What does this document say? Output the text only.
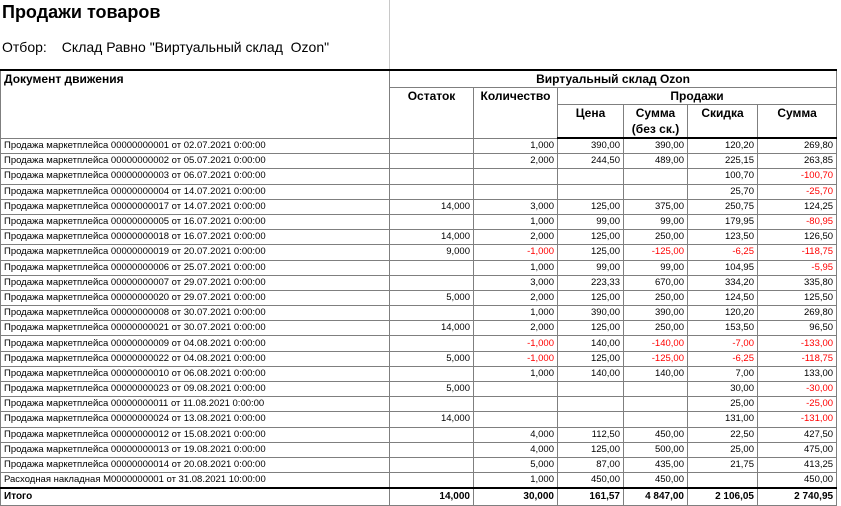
Продажи товаров
Отбор: Склад Равно "Виртуальный склад  Ozon"
Документ движения	Виртуальный склад Ozon					
	Остаток	Количество	Продажи			
			Цена	Сумма (без ск.)	Скидка	Сумма
Продажа маркетплейса 00000000001 от 02.07.2021 0:00:00		1,000	390,00	390,00	120,20	269,80
Продажа маркетплейса 00000000002 от 05.07.2021 0:00:00		2,000	244,50	489,00	225,15	263,85
Продажа маркетплейса 00000000003 от 06.07.2021 0:00:00					100,70	-100,70
Продажа маркетплейса 00000000004 от 14.07.2021 0:00:00					25,70	-25,70
Продажа маркетплейса 00000000017 от 14.07.2021 0:00:00	14,000	3,000	125,00	375,00	250,75	124,25
Продажа маркетплейса 00000000005 от 16.07.2021 0:00:00		1,000	99,00	99,00	179,95	-80,95
Продажа маркетплейса 00000000018 от 16.07.2021 0:00:00	14,000	2,000	125,00	250,00	123,50	126,50
Продажа маркетплейса 00000000019 от 20.07.2021 0:00:00	9,000	-1,000	125,00	-125,00	-6,25	-118,75
Продажа маркетплейса 00000000006 от 25.07.2021 0:00:00		1,000	99,00	99,00	104,95	-5,95
Продажа маркетплейса 00000000007 от 29.07.2021 0:00:00		3,000	223,33	670,00	334,20	335,80
Продажа маркетплейса 00000000020 от 29.07.2021 0:00:00	5,000	2,000	125,00	250,00	124,50	125,50
Продажа маркетплейса 00000000008 от 30.07.2021 0:00:00		1,000	390,00	390,00	120,20	269,80
Продажа маркетплейса 00000000021 от 30.07.2021 0:00:00	14,000	2,000	125,00	250,00	153,50	96,50
Продажа маркетплейса 00000000009 от 04.08.2021 0:00:00		-1,000	140,00	-140,00	-7,00	-133,00
Продажа маркетплейса 00000000022 от 04.08.2021 0:00:00	5,000	-1,000	125,00	-125,00	-6,25	-118,75
Продажа маркетплейса 00000000010 от 06.08.2021 0:00:00		1,000	140,00	140,00	7,00	133,00
Продажа маркетплейса 00000000023 от 09.08.2021 0:00:00	5,000				30,00	-30,00
Продажа маркетплейса 00000000011 от 11.08.2021 0:00:00					25,00	-25,00
Продажа маркетплейса 00000000024 от 13.08.2021 0:00:00	14,000				131,00	-131,00
Продажа маркетплейса 00000000012 от 15.08.2021 0:00:00		4,000	112,50	450,00	22,50	427,50
Продажа маркетплейса 00000000013 от 19.08.2021 0:00:00		4,000	125,00	500,00	25,00	475,00
Продажа маркетплейса 00000000014 от 20.08.2021 0:00:00		5,000	87,00	435,00	21,75	413,25
Расходная накладная М0000000001 от 31.08.2021 10:00:00		1,000	450,00	450,00		450,00
Итого	14,000	30,000	161,57	4 847,00	2 106,05	2 740,95
